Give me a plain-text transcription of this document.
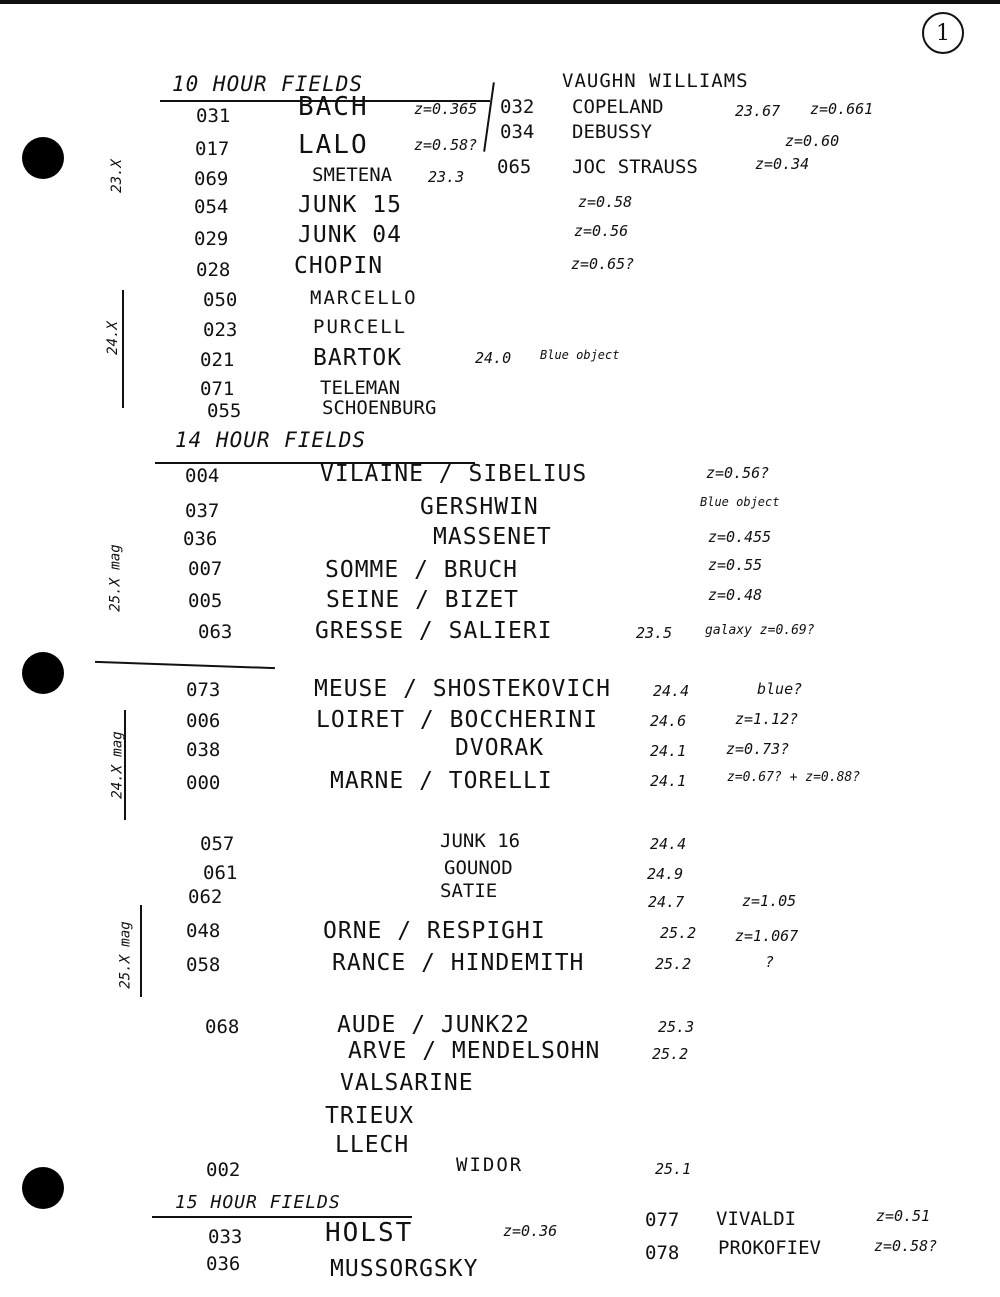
1
10 HOUR FIELDS	VAUGHN WILLIAMS
032 COPELAND	23.67 z=0.661
034 DEBUSSY	z=0.60
065 JOC STRAUSS	z=0.34
031	BACH	z=0.365
017	LALO	z=0.58?
069	SMETENA 23.3
054	JUNK 15	z=0.58
029	JUNK 04	z=0.56
028	CHOPIN	z=0.65?
050	MARCELLO
023	PURCELL
021	BARTOK	24.0 Blue object
071	TELEMAN
055	SCHOENBURG
23.X
24.X
14 HOUR FIELDS
004	VILAINE / SIBELIUS	z=0.56?
037	GERSHWIN	Blue object
036	MASSENET	z=0.455
007	SOMME / BRUCH	z=0.55
005	SEINE / BIZET	z=0.48
063	GRESSE / SALIERI	23.5	galaxy z=0.69?
25.X mag
073	MEUSE / SHOSTEKOVICH	24.4	blue?
006	LOIRET / BOCCHERINI	24.6	z=1.12?
038	DVORAK	24.1	z=0.73?
000	MARNE / TORELLI	24.1	z=0.67? + z=0.88?
24.X mag
057	JUNK 16	24.4
061	GOUNOD	24.9
062	SATIE	24.7	z=1.05
048	ORNE / RESPIGHI	25.2	z=1.067
058	RANCE / HINDEMITH	25.2	?
25.X mag
068	AUDE / JUNK22	25.3
ARVE / MENDELSOHN	25.2
VALSARINE
TRIEUX
LLECH
002	WIDOR	25.1
15 HOUR FIELDS
033	HOLST	z=0.36
036	MUSSORGSKY
077 VIVALDI	z=0.51
078 PROKOFIEV	z=0.58?
